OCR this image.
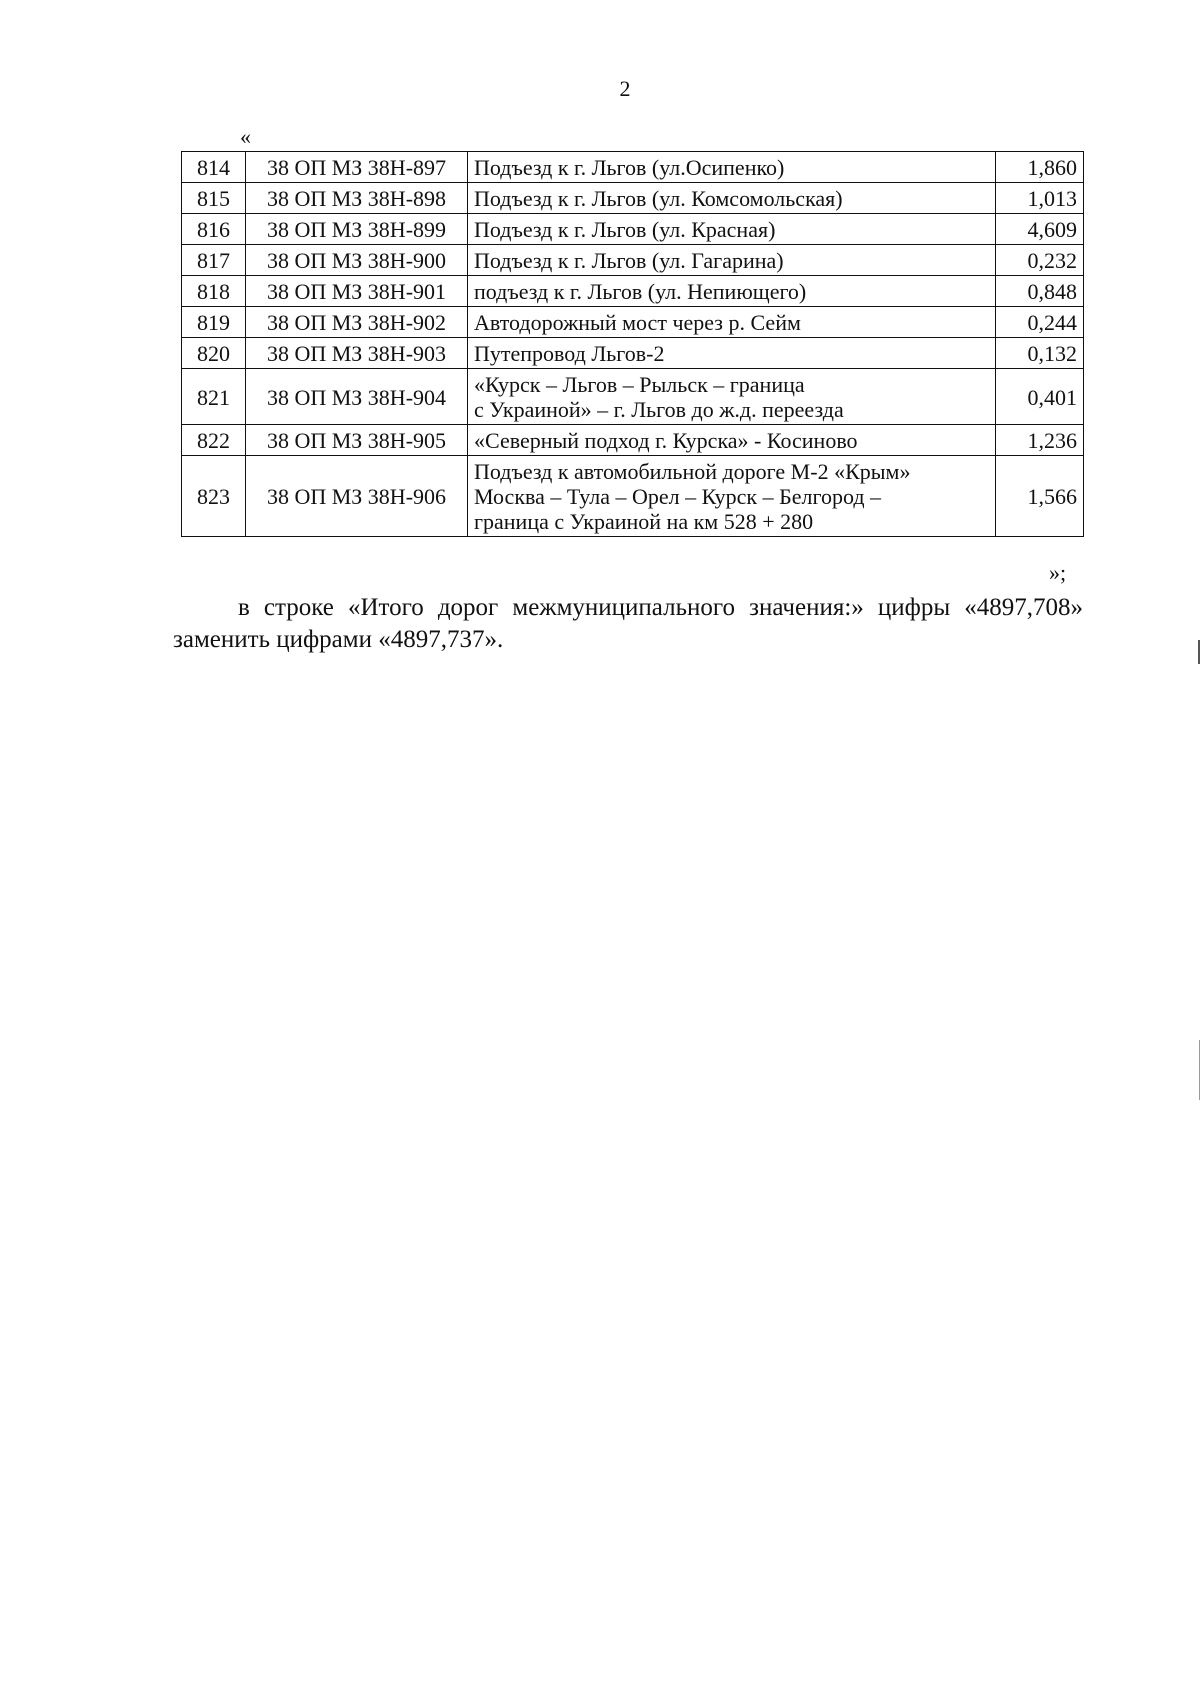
2
«
814	38 ОП МЗ 38Н-897	Подъезд к г. Льгов (ул.Осипенко)	1,860
815	38 ОП МЗ 38Н-898	Подъезд к г. Льгов (ул. Комсомольская)	1,013
816	38 ОП МЗ 38Н-899	Подъезд к г. Льгов (ул. Красная)	4,609
817	38 ОП МЗ 38Н-900	Подъезд к г. Льгов (ул. Гагарина)	0,232
818	38 ОП МЗ 38Н-901	подъезд к г. Льгов (ул. Непиющего)	0,848
819	38 ОП МЗ 38Н-902	Автодорожный мост через р. Сейм	0,244
820	38 ОП МЗ 38Н-903	Путепровод Льгов-2	0,132
821	38 ОП МЗ 38Н-904	«Курск – Льгов – Рыльск – граница
с Украиной» – г. Льгов до ж.д. переезда	0,401
822	38 ОП МЗ 38Н-905	«Северный подход г. Курска» - Косиново	1,236
823	38 ОП МЗ 38Н-906	Подъезд к автомобильной дороге М-2 «Крым»
Москва – Тула – Орел – Курск – Белгород –
граница с Украиной на км 528 + 280	1,566
»;
в строке «Итого дорог межмуниципального значения:» цифры «4897,708» заменить цифрами «4897,737».
